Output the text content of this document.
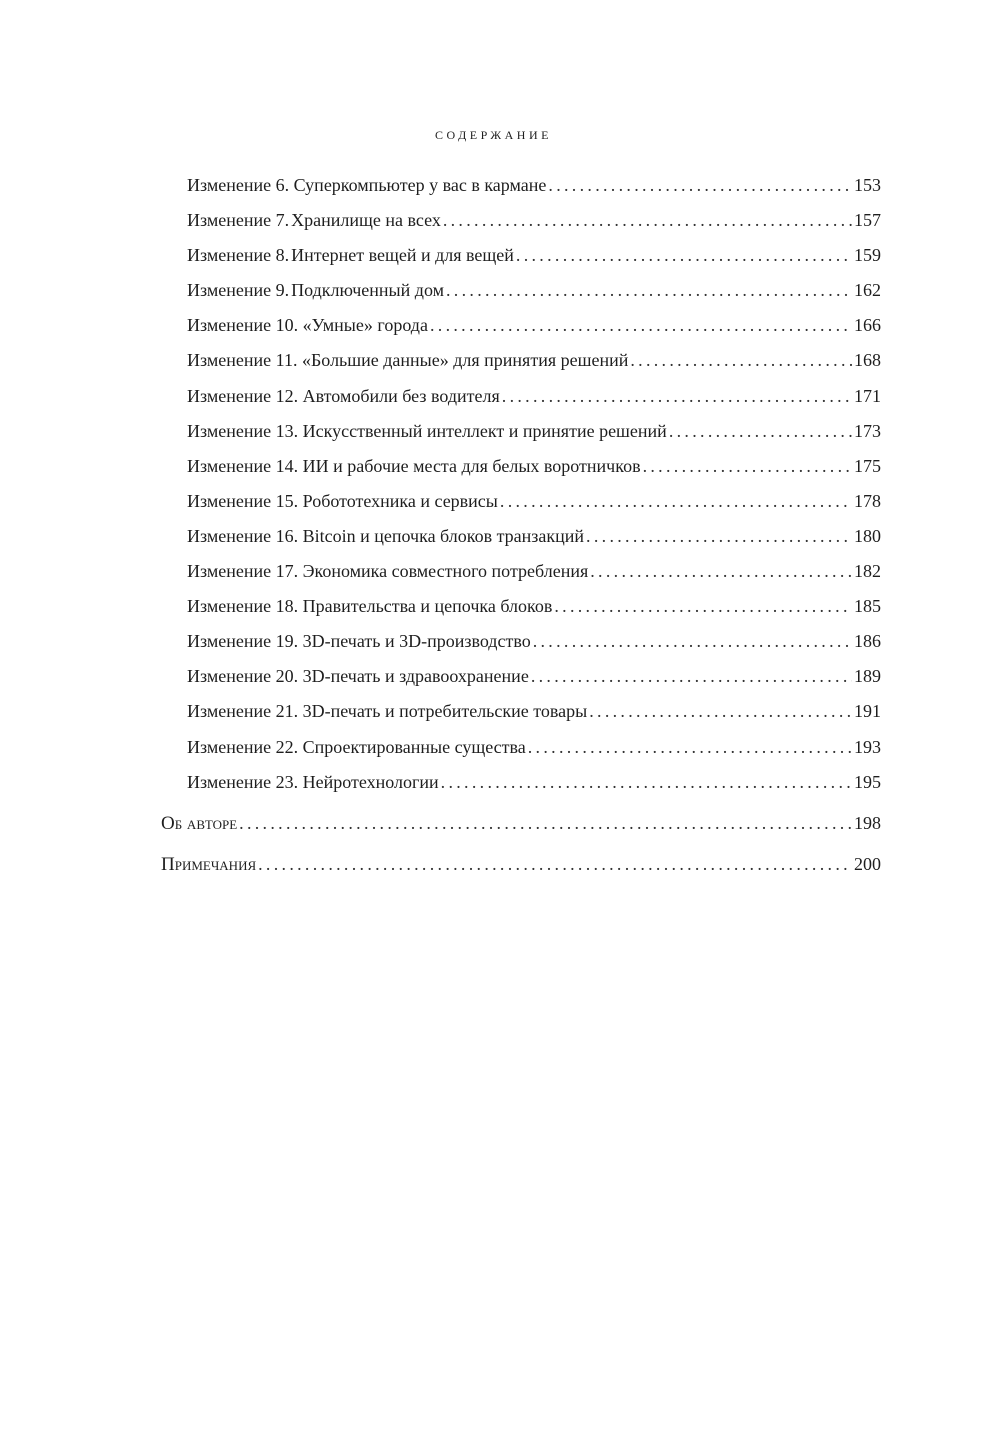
содержание
Изменение 6. Суперкомпьютер у вас в кармане . . .	153
Изменение 7. Хранилище на всех . . .	157
Изменение 8. Интернет вещей и для вещей . . .	159
Изменение 9. Подключенный дом . . .	162
Изменение 10. «Умные» города . . .	166
Изменение 11. «Большие данные» для принятия решений . . .	168
Изменение 12. Автомобили без водителя . . .	171
Изменение 13. Искусственный интеллект и принятие решений . . .	173
Изменение 14. ИИ и рабочие места для белых воротничков . . .	175
Изменение 15. Робототехника и сервисы . . .	178
Изменение 16. Bitcoin и цепочка блоков транзакций . . .	180
Изменение 17. Экономика совместного потребления . . .	182
Изменение 18. Правительства и цепочка блоков . . .	185
Изменение 19. 3D-печать и 3D-производство . . .	186
Изменение 20. 3D-печать и здравоохранение . . .	189
Изменение 21. 3D-печать и потребительские товары . . .	191
Изменение 22. Спроектированные существа . . .	193
Изменение 23. Нейротехнологии . . .	195
Об авторе . . .	198
Примечания . . .	200
